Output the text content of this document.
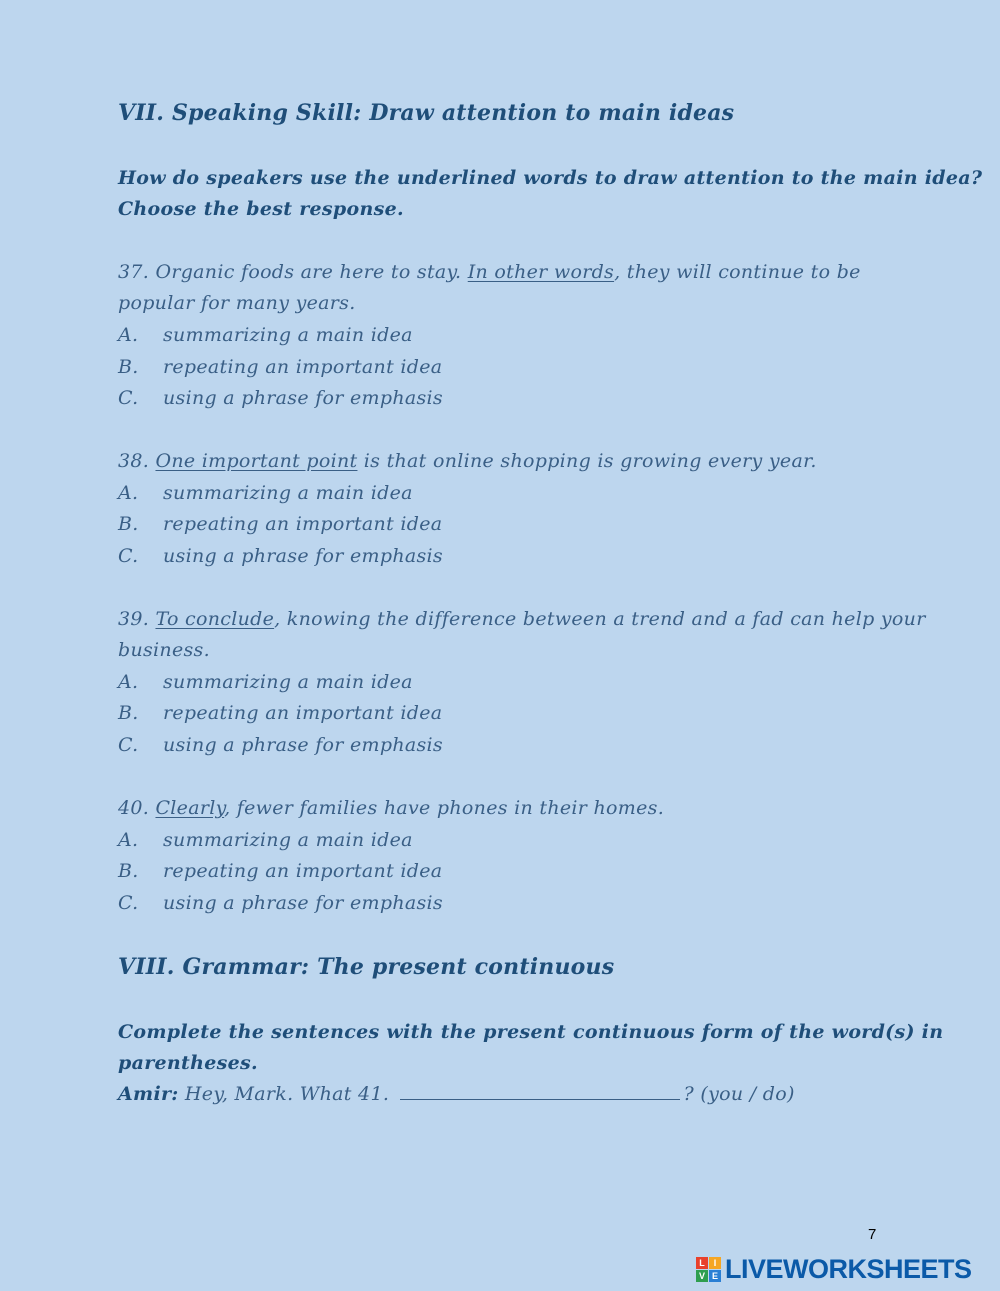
VII. Speaking Skill: Draw attention to main ideas
How do speakers use the underlined words to draw attention to the main idea?
Choose the best response.
37. Organic foods are here to stay. In other words, they will continue to be
popular for many years.
A. summarizing a main idea
B. repeating an important idea
C. using a phrase for emphasis
38. One important point is that online shopping is growing every year.
A. summarizing a main idea
B. repeating an important idea
C. using a phrase for emphasis
39. To conclude, knowing the difference between a trend and a fad can help your
business.
A. summarizing a main idea
B. repeating an important idea
C. using a phrase for emphasis
40. Clearly, fewer families have phones in their homes.
A. summarizing a main idea
B. repeating an important idea
C. using a phrase for emphasis
VIII. Grammar: The present continuous
Complete the sentences with the present continuous form of the word(s) in
parentheses.
Amir: Hey, Mark. What 41.	? (you / do)
7
L I
V E LIVEWORKSHEETS
